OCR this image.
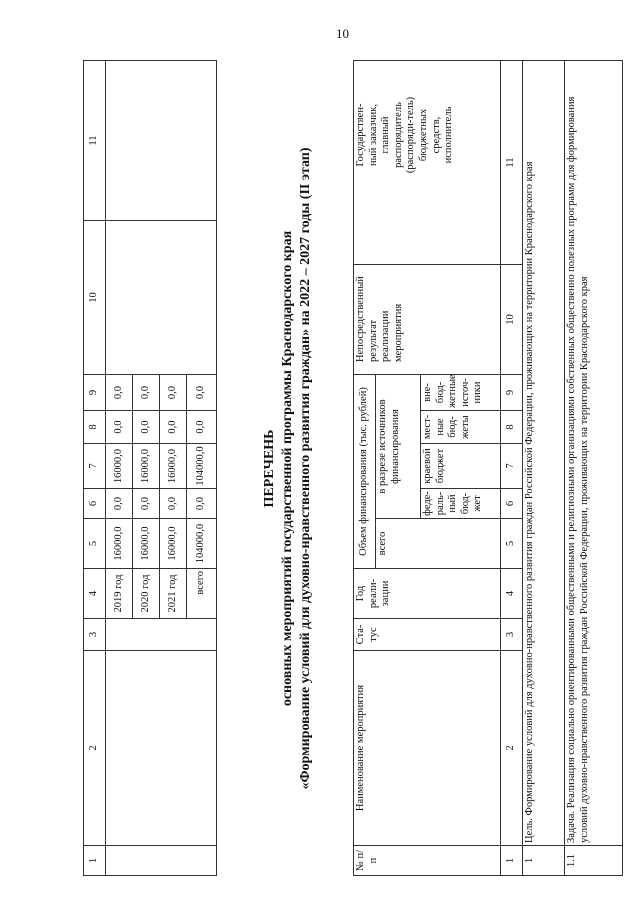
10
1	2	3	4	5	6	7	8	9	10	11
			2019 год	16000,0	0,0	16000,0	0,0	0,0		
			2020 год	16000,0	0,0	16000,0	0,0	0,0		
			2021 год	16000,0	0,0	16000,0	0,0	0,0		
			всего	104000,0	0,0	104000,0	0,0	0,0		
ПЕРЕЧЕНЬ основных мероприятий государственной программы Краснодарского края «Формирование условий для духовно-нравственного развития граждан» на 2022 – 2027 годы (II этап)
№ п/п	Наименование мероприятия	Ста-тус	Год реали-зации	Объем финансирования (тыс. рублей)					Непосредственный результат реализации мероприятия	Государствен-ный заказчик, главный распорядитель (распоряди-тель) бюджетных средств, исполнитель
				всего	в разрезе источников финансирования					
					феде-раль-ный бюд-жет	краевой бюджет	мест-ные бюд-жеты	вне-бюд-жетные источ-ники		
1	2	3	4	5	6	7	8	9	10	11
1	Цель. Формирование условий для духовно-нравственного развития граждан Российской Федерации, проживающих на территории Краснодарского края									
1.1	Задача. Реализация социально ориентированными общественными и религиозными организациями собственных общественно полезных программ для формирования условий духовно-нравственного развития граждан Российской Федерации, проживающих на территории Краснодарского края									
